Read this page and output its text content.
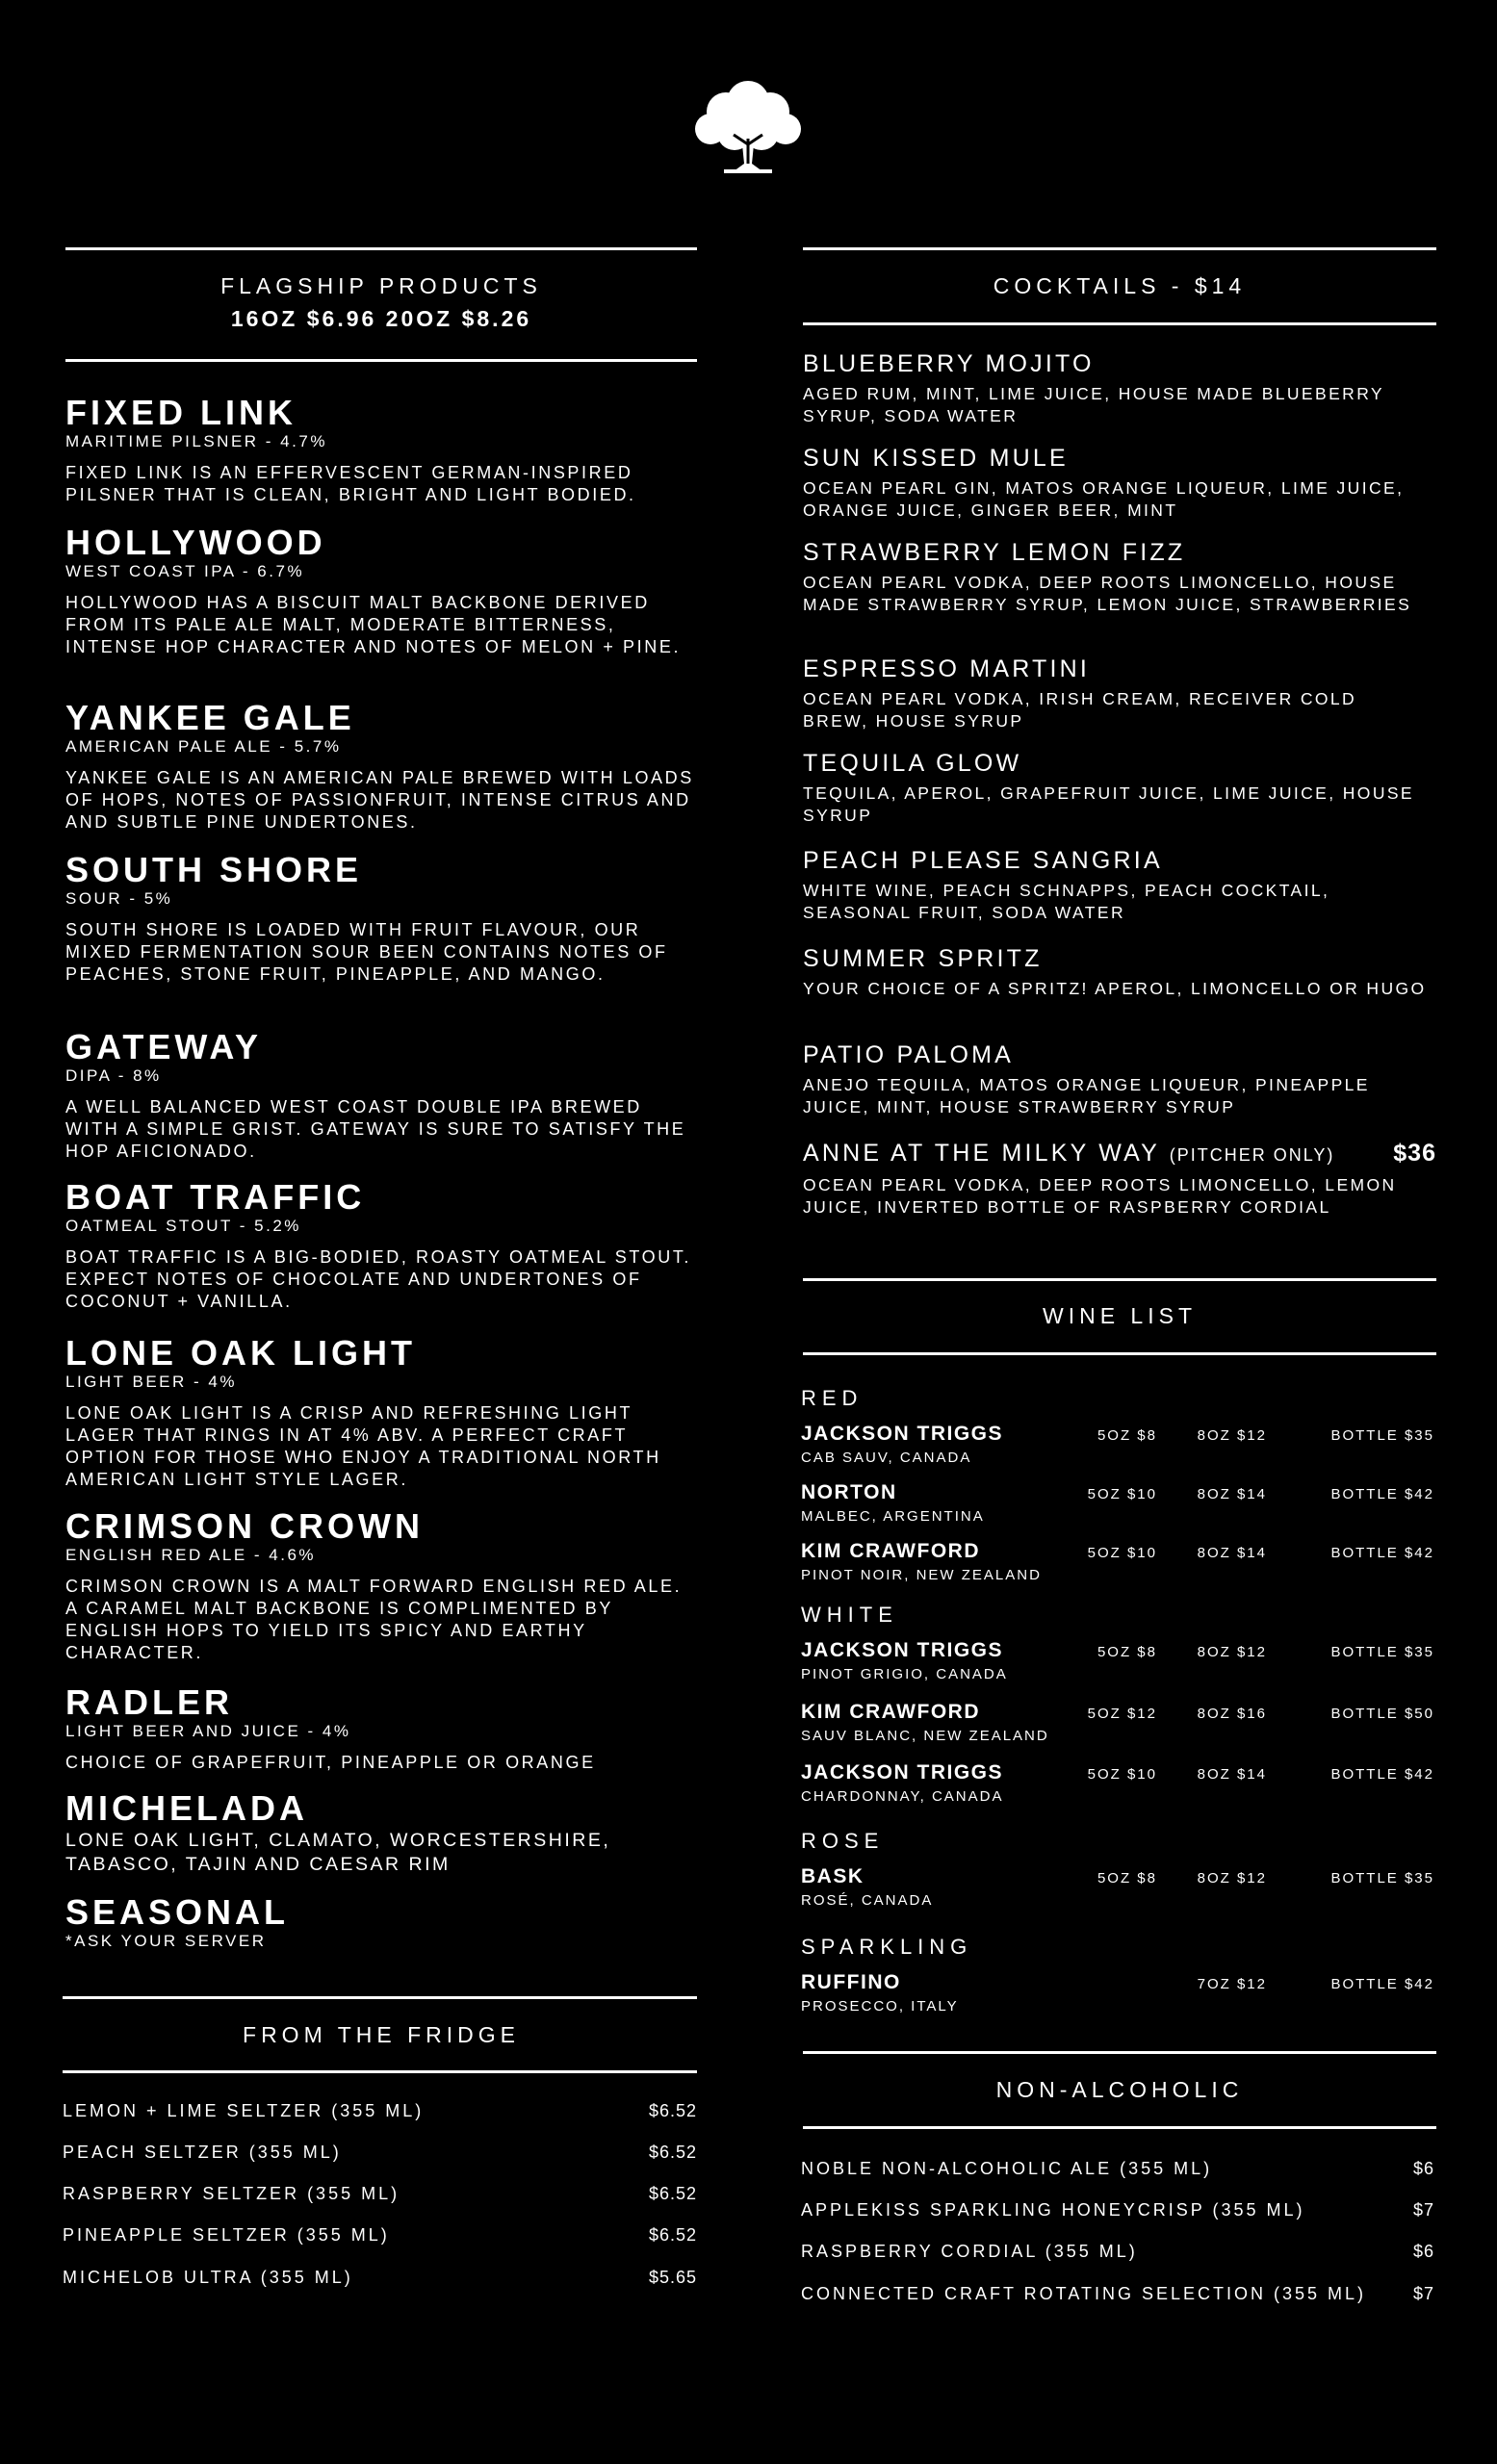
FLAGSHIP PRODUCTS
16OZ $6.96 20OZ $8.26
FIXED LINK
MARITIME PILSNER - 4.7%
FIXED LINK IS AN EFFERVESCENT GERMAN-INSPIRED PILSNER THAT IS CLEAN, BRIGHT AND LIGHT BODIED.
HOLLYWOOD
WEST COAST IPA - 6.7%
HOLLYWOOD HAS A BISCUIT MALT BACKBONE DERIVED FROM ITS PALE ALE MALT, MODERATE BITTERNESS, INTENSE HOP CHARACTER AND NOTES OF MELON + PINE.
YANKEE GALE
AMERICAN PALE ALE - 5.7%
YANKEE GALE IS AN AMERICAN PALE BREWED WITH LOADS OF HOPS, NOTES OF PASSIONFRUIT, INTENSE CITRUS AND AND SUBTLE PINE UNDERTONES.
SOUTH SHORE
SOUR - 5%
SOUTH SHORE IS LOADED WITH FRUIT FLAVOUR, OUR MIXED FERMENTATION SOUR BEEN CONTAINS NOTES OF PEACHES, STONE FRUIT, PINEAPPLE, AND MANGO.
GATEWAY
DIPA - 8%
A WELL BALANCED WEST COAST DOUBLE IPA BREWED WITH A SIMPLE GRIST. GATEWAY IS SURE TO SATISFY THE HOP AFICIONADO.
BOAT TRAFFIC
OATMEAL STOUT - 5.2%
BOAT TRAFFIC IS A BIG-BODIED, ROASTY OATMEAL STOUT. EXPECT NOTES OF CHOCOLATE AND UNDERTONES OF COCONUT + VANILLA.
LONE OAK LIGHT
LIGHT BEER - 4%
LONE OAK LIGHT IS A CRISP AND REFRESHING LIGHT LAGER THAT RINGS IN AT 4% ABV. A PERFECT CRAFT OPTION FOR THOSE WHO ENJOY A TRADITIONAL NORTH AMERICAN LIGHT STYLE LAGER.
CRIMSON CROWN
ENGLISH RED ALE - 4.6%
CRIMSON CROWN IS A MALT FORWARD ENGLISH RED ALE. A CARAMEL MALT BACKBONE IS COMPLIMENTED BY ENGLISH HOPS TO YIELD ITS SPICY AND EARTHY CHARACTER.
RADLER
LIGHT BEER AND JUICE - 4%
CHOICE OF GRAPEFRUIT, PINEAPPLE OR ORANGE
MICHELADA
LONE OAK LIGHT, CLAMATO, WORCESTERSHIRE, TABASCO, TAJIN AND CAESAR RIM
SEASONAL
*ASK YOUR SERVER
FROM THE FRIDGE
LEMON + LIME SELTZER (355 ML)	$6.52
PEACH SELTZER (355 ML)	$6.52
RASPBERRY SELTZER (355 ML)	$6.52
PINEAPPLE SELTZER (355 ML)	$6.52
MICHELOB ULTRA (355 ML)	$5.65
COCKTAILS - $14
BLUEBERRY MOJITO
AGED RUM, MINT, LIME JUICE, HOUSE MADE BLUEBERRY SYRUP, SODA WATER
SUN KISSED MULE
OCEAN PEARL GIN, MATOS ORANGE LIQUEUR, LIME JUICE, ORANGE JUICE, GINGER BEER, MINT
STRAWBERRY LEMON FIZZ
OCEAN PEARL VODKA, DEEP ROOTS LIMONCELLO, HOUSE MADE STRAWBERRY SYRUP, LEMON JUICE, STRAWBERRIES
ESPRESSO MARTINI
OCEAN PEARL VODKA, IRISH CREAM, RECEIVER COLD BREW, HOUSE SYRUP
TEQUILA GLOW
TEQUILA, APEROL, GRAPEFRUIT JUICE, LIME JUICE, HOUSE SYRUP
PEACH PLEASE SANGRIA
WHITE WINE, PEACH SCHNAPPS, PEACH COCKTAIL, SEASONAL FRUIT, SODA WATER
SUMMER SPRITZ
YOUR CHOICE OF A SPRITZ! APEROL, LIMONCELLO OR HUGO
PATIO PALOMA
ANEJO TEQUILA, MATOS ORANGE LIQUEUR, PINEAPPLE JUICE, MINT, HOUSE STRAWBERRY SYRUP
ANNE AT THE MILKY WAY (PITCHER ONLY) $36
OCEAN PEARL VODKA, DEEP ROOTS LIMONCELLO, LEMON JUICE, INVERTED BOTTLE OF RASPBERRY CORDIAL
WINE LIST
RED
JACKSON TRIGGS
CAB SAUV, CANADA
5OZ $8	8OZ $12	BOTTLE $35
NORTON
MALBEC, ARGENTINA
5OZ $10	8OZ $14	BOTTLE $42
KIM CRAWFORD
PINOT NOIR, NEW ZEALAND
5OZ $10	8OZ $14	BOTTLE $42
WHITE
JACKSON TRIGGS
PINOT GRIGIO, CANADA
5OZ $8	8OZ $12	BOTTLE $35
KIM CRAWFORD
SAUV BLANC, NEW ZEALAND
5OZ $12	8OZ $16	BOTTLE $50
JACKSON TRIGGS
CHARDONNAY, CANADA
5OZ $10	8OZ $14	BOTTLE $42
ROSE
BASK
ROSÉ, CANADA
5OZ $8	8OZ $12	BOTTLE $35
SPARKLING
RUFFINO
PROSECCO, ITALY
7OZ $12	BOTTLE $42
NON-ALCOHOLIC
NOBLE NON-ALCOHOLIC ALE (355 ML)	$6
APPLEKISS SPARKLING HONEYCRISP (355 ML)	$7
RASPBERRY CORDIAL (355 ML)	$6
CONNECTED CRAFT ROTATING SELECTION (355 ML)	$7
